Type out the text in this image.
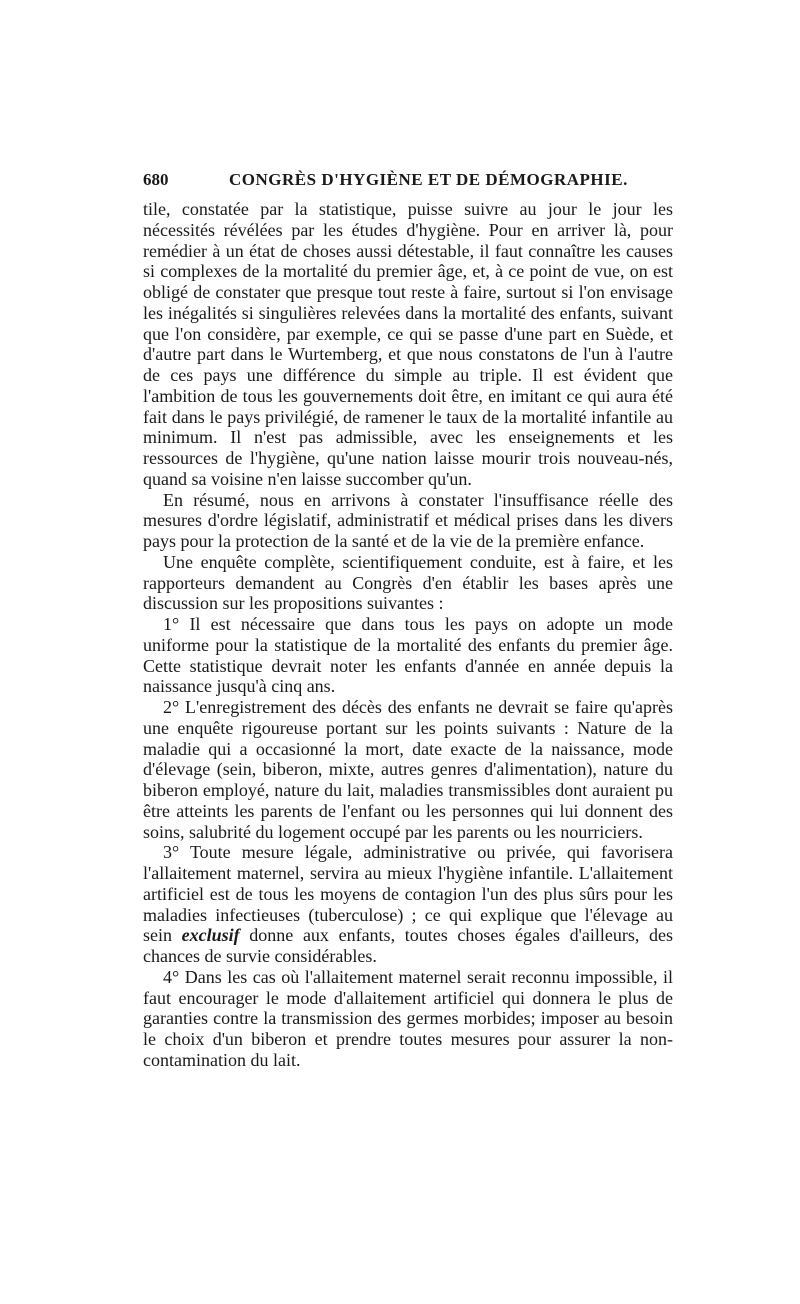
680	CONGRÈS D'HYGIÈNE ET DE DÉMOGRAPHIE.

tile, constatée par la statistique, puisse suivre au jour le jour les nécessités révélées par les études d'hygiène. Pour en arriver là, pour remédier à un état de choses aussi détestable, il faut connaître les causes si complexes de la mortalité du premier âge, et, à ce point de vue, on est obligé de constater que presque tout reste à faire, surtout si l'on envisage les inégalités si singulières relevées dans la mortalité des enfants, suivant que l'on considère, par exemple, ce qui se passe d'une part en Suède, et d'autre part dans le Wurtemberg, et que nous constatons de l'un à l'autre de ces pays une différence du simple au triple. Il est évident que l'ambition de tous les gouvernements doit être, en imitant ce qui aura été fait dans le pays privilégié, de ramener le taux de la mortalité infantile au minimum. Il n'est pas admissible, avec les enseignements et les ressources de l'hygiène, qu'une nation laisse mourir trois nouveau-nés, quand sa voisine n'en laisse succomber qu'un.

En résumé, nous en arrivons à constater l'insuffisance réelle des mesures d'ordre législatif, administratif et médical prises dans les divers pays pour la protection de la santé et de la vie de la première enfance.

Une enquête complète, scientifiquement conduite, est à faire, et les rapporteurs demandent au Congrès d'en établir les bases après une discussion sur les propositions suivantes :

1° Il est nécessaire que dans tous les pays on adopte un mode uniforme pour la statistique de la mortalité des enfants du premier âge. Cette statistique devrait noter les enfants d'année en année depuis la naissance jusqu'à cinq ans.

2° L'enregistrement des décès des enfants ne devrait se faire qu'après une enquête rigoureuse portant sur les points suivants : Nature de la maladie qui a occasionné la mort, date exacte de la naissance, mode d'élevage (sein, biberon, mixte, autres genres d'alimentation), nature du biberon employé, nature du lait, maladies transmissibles dont auraient pu être atteints les parents de l'enfant ou les personnes qui lui donnent des soins, salubrité du logement occupé par les parents ou les nourriciers.

3° Toute mesure légale, administrative ou privée, qui favorisera l'allaitement maternel, servira au mieux l'hygiène infantile. L'allaitement artificiel est de tous les moyens de contagion l'un des plus sûrs pour les maladies infectieuses (tuberculose) ; ce qui explique que l'élevage au sein exclusif donne aux enfants, toutes choses égales d'ailleurs, des chances de survie considérables.

4° Dans les cas où l'allaitement maternel serait reconnu impossible, il faut encourager le mode d'allaitement artificiel qui donnera le plus de garanties contre la transmission des germes morbides; imposer au besoin le choix d'un biberon et prendre toutes mesures pour assurer la non-contamination du lait.
